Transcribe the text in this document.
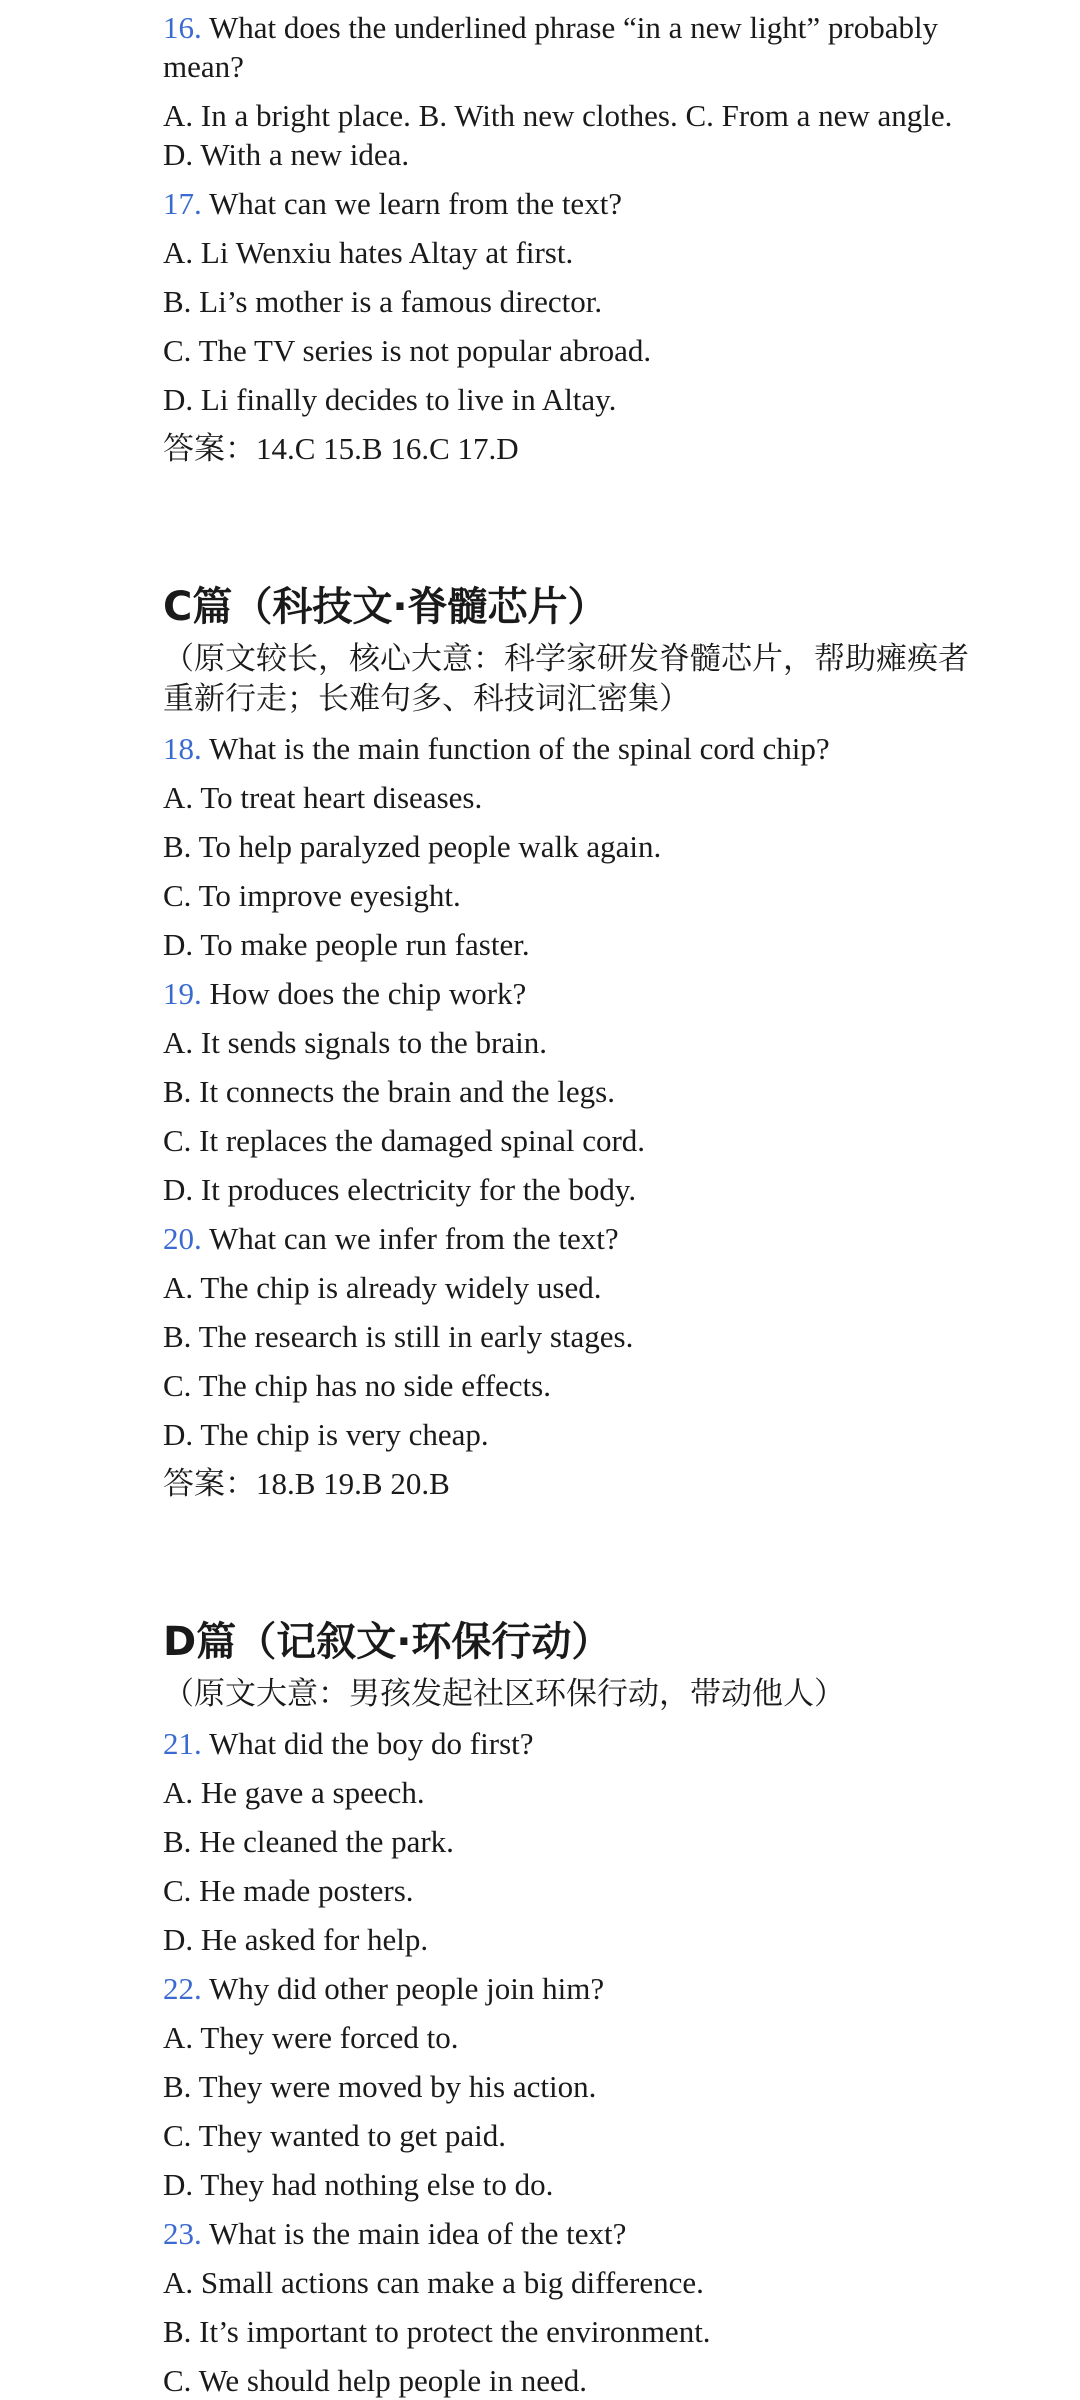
16. What does the underlined phrase “in a new light” probably mean?

A. In a bright place. B. With new clothes. C. From a new angle. D. With a new idea.

17. What can we learn from the text?

A. Li Wenxiu hates Altay at first.

B. Li’s mother is a famous director.

C. The TV series is not popular abroad.

D. Li finally decides to live in Altay.

答案：14.C 15.B 16.C 17.D

C篇（科技文·脊髓芯片）

（原文较长，核心大意：科学家研发脊髓芯片，帮助瘫痪者重新行走；长难句多、科技词汇密集）

18. What is the main function of the spinal cord chip?

A. To treat heart diseases.

B. To help paralyzed people walk again.

C. To improve eyesight.

D. To make people run faster.

19. How does the chip work?

A. It sends signals to the brain.

B. It connects the brain and the legs.

C. It replaces the damaged spinal cord.

D. It produces electricity for the body.

20. What can we infer from the text?

A. The chip is already widely used.

B. The research is still in early stages.

C. The chip has no side effects.

D. The chip is very cheap.

答案：18.B 19.B 20.B

D篇（记叙文·环保行动）

（原文大意：男孩发起社区环保行动，带动他人）

21. What did the boy do first?

A. He gave a speech.

B. He cleaned the park.

C. He made posters.

D. He asked for help.

22. Why did other people join him?

A. They were forced to.

B. They were moved by his action.

C. They wanted to get paid.

D. They had nothing else to do.

23. What is the main idea of the text?

A. Small actions can make a big difference.

B. It’s important to protect the environment.

C. We should help people in need.
